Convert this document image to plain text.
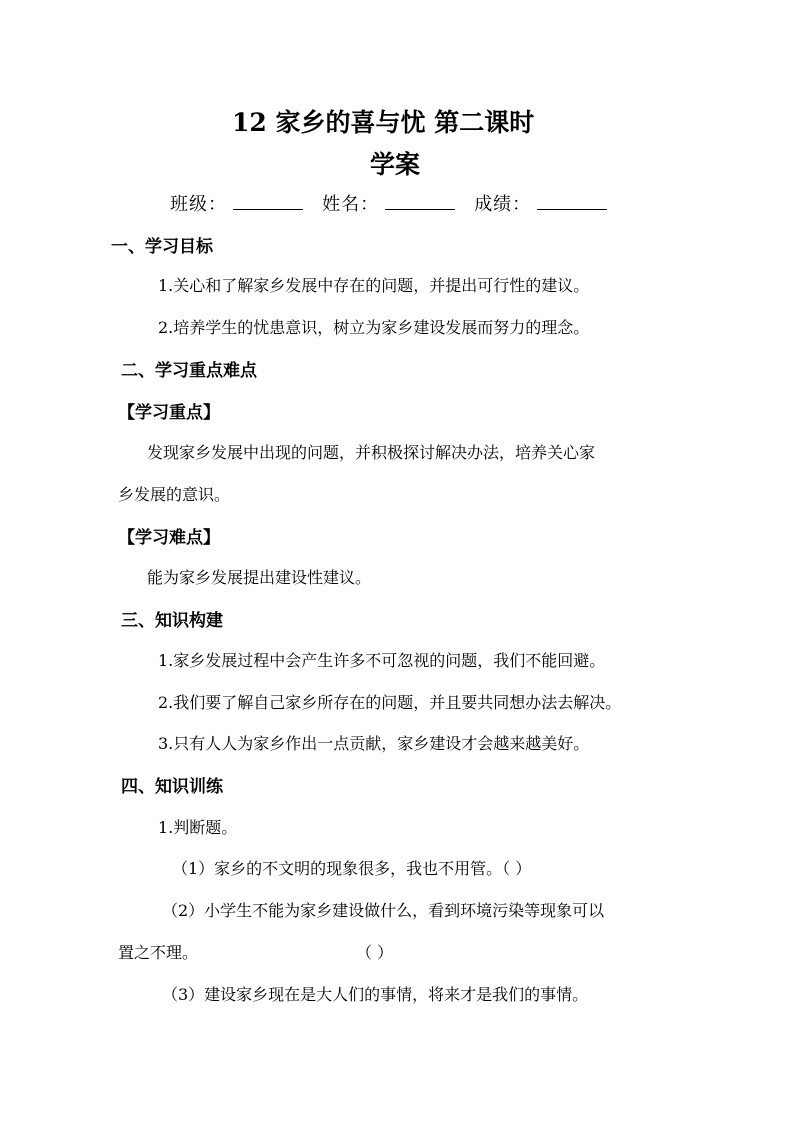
12 家乡的喜与忧 第二课时
学案
班级：	姓名：	成绩：
一、学习目标
1.关心和了解家乡发展中存在的问题，并提出可行性的建议。
2.培养学生的忧患意识，树立为家乡建设发展而努力的理念。
二、学习重点难点
【学习重点】
发现家乡发展中出现的问题，并积极探讨解决办法，培养关心家
乡发展的意识。
【学习难点】
能为家乡发展提出建设性建议。
三、知识构建
1.家乡发展过程中会产生许多不可忽视的问题，我们不能回避。
2.我们要了解自己家乡所存在的问题，并且要共同想办法去解决。
3.只有人人为家乡作出一点贡献，家乡建设才会越来越美好。
四、知识训练
1.判断题。
（1）家乡的不文明的现象很多，我也不用管。（ ）
（2）小学生不能为家乡建设做什么，看到环境污染等现象可以
置之不理。	（ ）
（3）建设家乡现在是大人们的事情，将来才是我们的事情。
